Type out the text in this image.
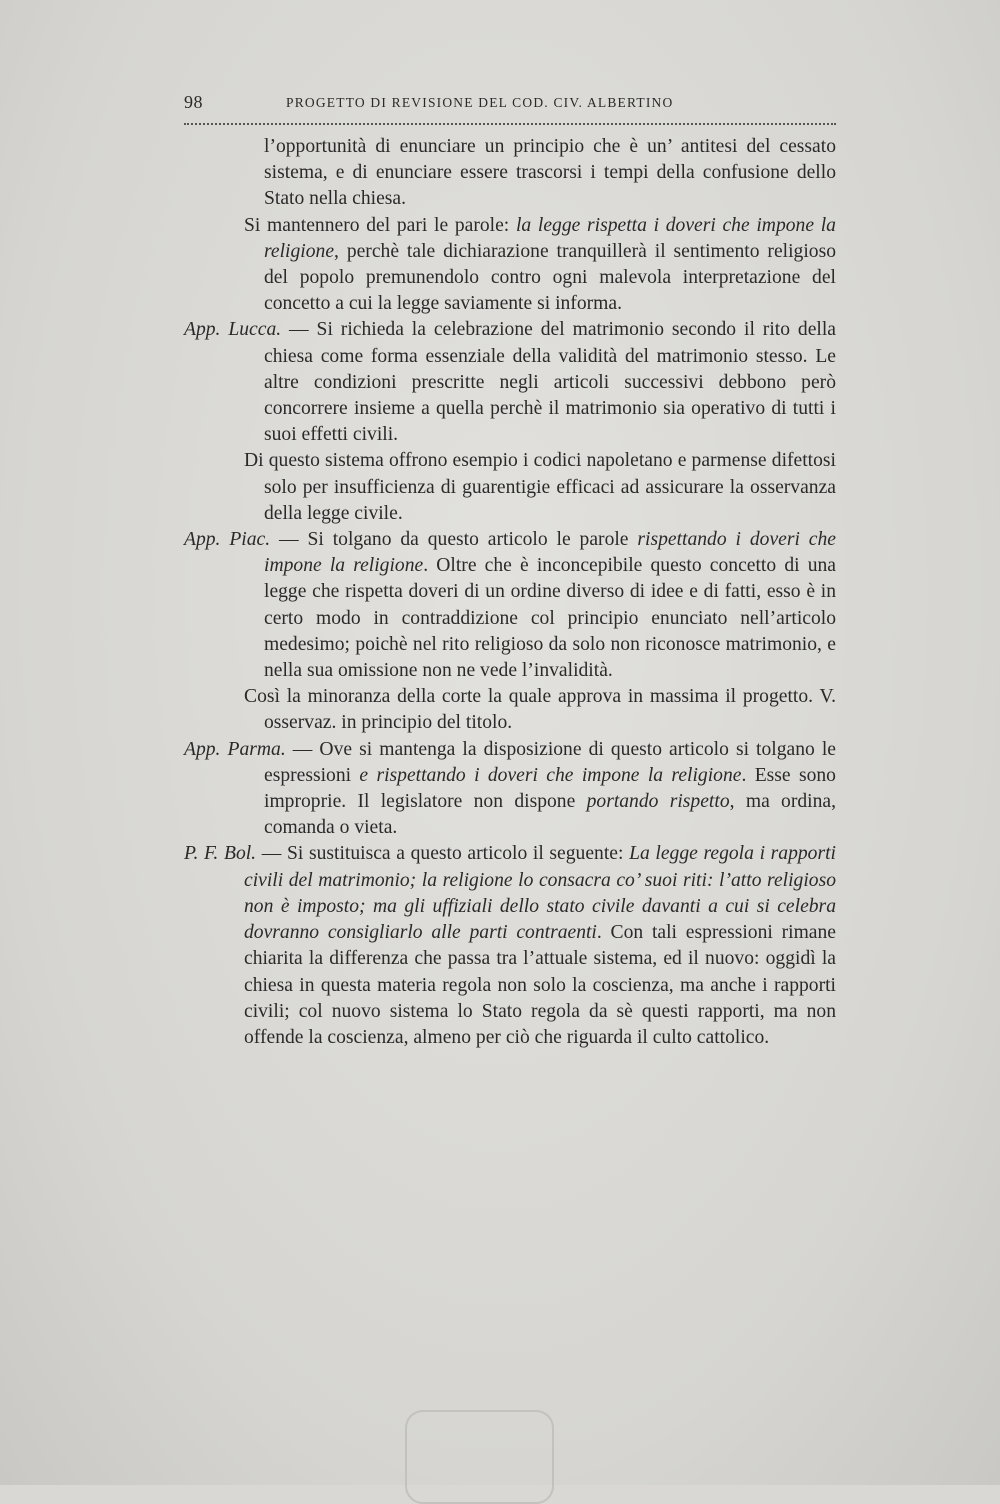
98	PROGETTO DI REVISIONE DEL COD. CIV. ALBERTINO

l’opportunità di enunciare un principio che è un’ antitesi del cessato sistema, e di enunciare essere trascorsi i tempi della confusione dello Stato nella chiesa.

Si mantennero del pari le parole: la legge rispetta i doveri che impone la religione, perchè tale dichiarazione tranquillerà il sentimento religioso del popolo premunendolo contro ogni malevola interpretazione del concetto a cui la legge saviamente si informa.

App. Lucca. — Si richieda la celebrazione del matrimonio secondo il rito della chiesa come forma essenziale della validità del matrimonio stesso. Le altre condizioni prescritte negli articoli successivi debbono però concorrere insieme a quella perchè il matrimonio sia operativo di tutti i suoi effetti civili.

Di questo sistema offrono esempio i codici napoletano e parmense difettosi solo per insufficienza di guarentigie efficaci ad assicurare la osservanza della legge civile.

App. Piac. — Si tolgano da questo articolo le parole rispettando i doveri che impone la religione. Oltre che è inconcepibile questo concetto di una legge che rispetta doveri di un ordine diverso di idee e di fatti, esso è in certo modo in contraddizione col principio enunciato nell’articolo medesimo; poichè nel rito religioso da solo non riconosce matrimonio, e nella sua omissione non ne vede l’invalidità.

Così la minoranza della corte la quale approva in massima il progetto. V. osservaz. in principio del titolo.

App. Parma. — Ove si mantenga la disposizione di questo articolo si tolgano le espressioni e rispettando i doveri che impone la religione. Esse sono improprie. Il legislatore non dispone portando rispetto, ma ordina, comanda o vieta.

P. F. Bol. — Si sustituisca a questo articolo il seguente: La legge regola i rapporti civili del matrimonio; la religione lo consacra co’ suoi riti: l’atto religioso non è imposto; ma gli uffiziali dello stato civile davanti a cui si celebra dovranno consigliarlo alle parti contraenti. Con tali espressioni rimane chiarita la differenza che passa tra l’attuale sistema, ed il nuovo: oggidì la chiesa in questa materia regola non solo la coscienza, ma anche i rapporti civili; col nuovo sistema lo Stato regola da sè questi rapporti, ma non offende la coscienza, almeno per ciò che riguarda il culto cattolico.
